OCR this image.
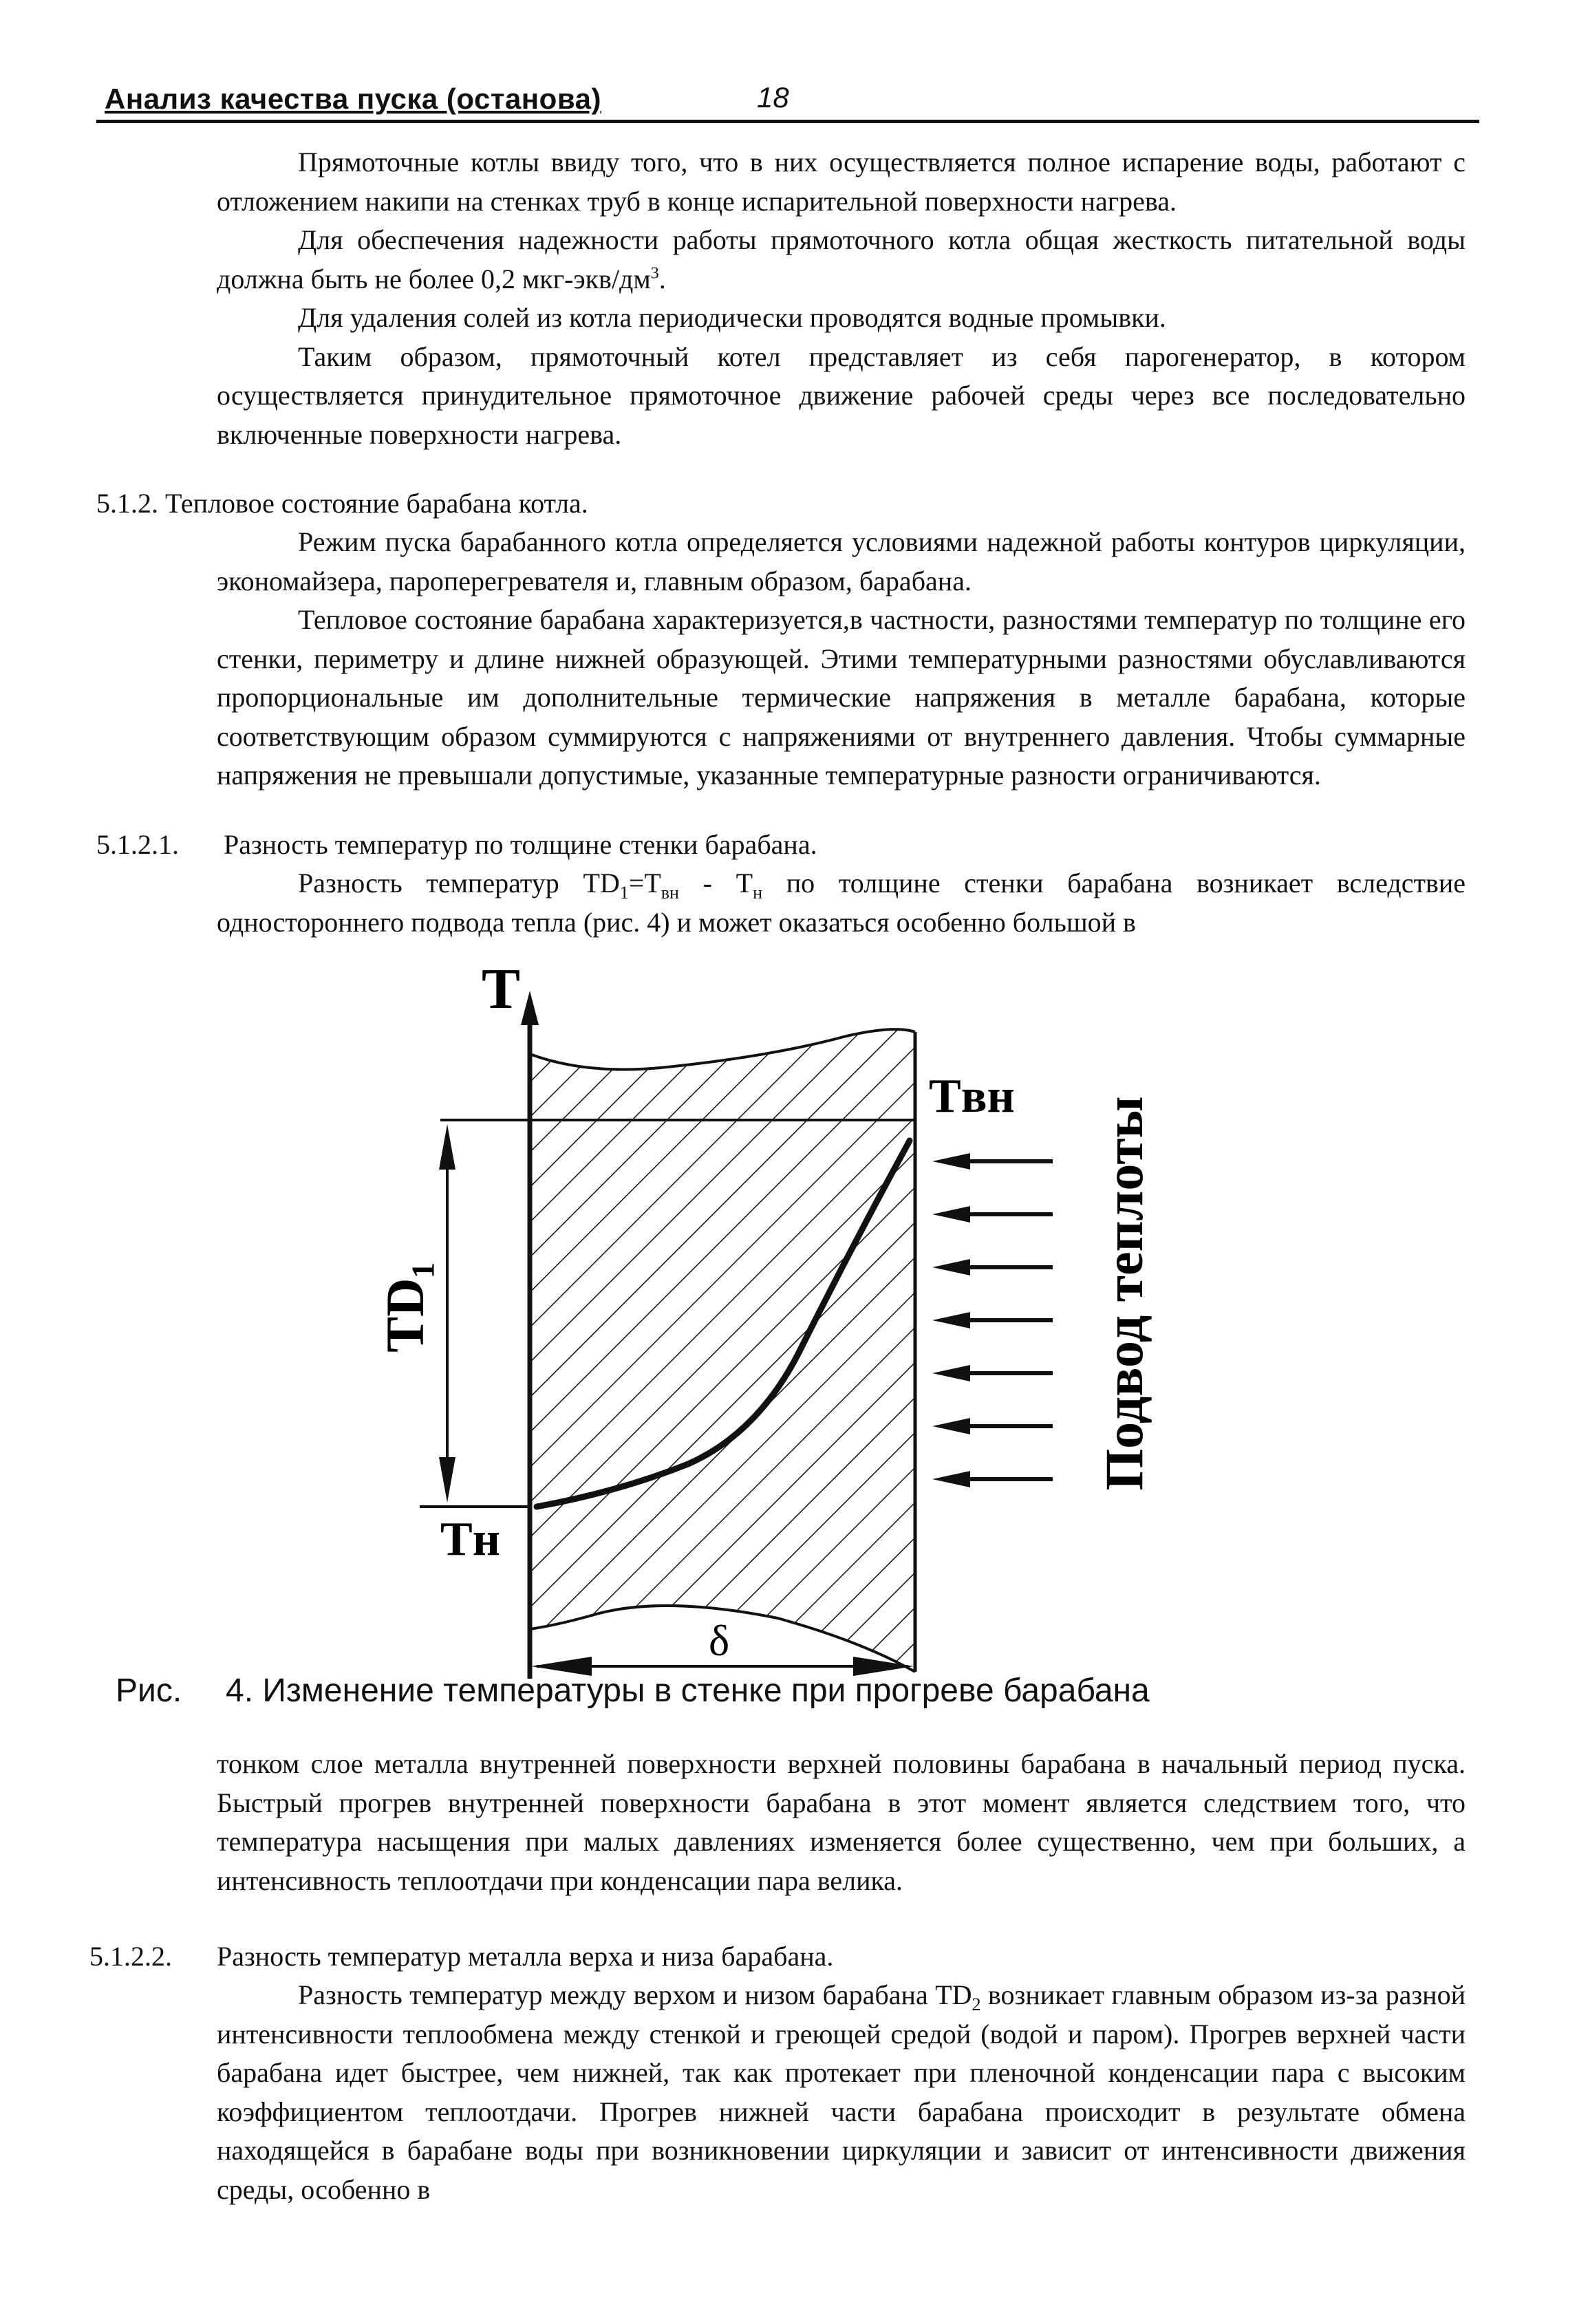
Анализ качества пуска (останова)	18

Прямоточные котлы ввиду того, что в них осуществляется полное испарение воды, работают с отложением накипи на стенках труб в конце испарительной поверхности нагрева.

Для обеспечения надежности работы прямоточного котла общая жесткость питательной воды должна быть не более 0,2 мкг-$экв/дм^3$.

Для удаления солей из котла периодически проводятся водные промывки.

Таким образом, прямоточный котел представляет из себя парогенератор, в котором осуществляется принудительное прямоточное движение рабочей среды через все последовательно включенные поверхности нагрева.

5.1.2. Тепловое состояние барабана котла.

Режим пуска барабанного котла определяется условиями надежной работы контуров циркуляции, экономайзера, пароперегревателя и, главным образом, барабана.

Тепловое состояние барабана характеризуется,в частности, разностями температур по толщине его стенки, периметру и длине нижней образующей. Этими температурными разностями обуславливаются пропорциональные им дополнительные термические напряжения в металле барабана, которые соответствующим образом суммируются с напряжениями от внутреннего давления. Чтобы суммарные напряжения не превышали допустимые, указанные температурные разности ограничиваются.

5.1.2.1. Разность температур по толщине стенки барабана.

Разность температур $TD_1=T_{вн} - T_н$ по толщине стенки барабана возникает вследствие одностороннего подвода тепла (рис. 4) и может оказаться особенно большой в

T
Tвн
Tн
δ
TD₁	Подвод теплоты
Рис. 4. Изменение температуры в стенке при прогреве барабана

тонком слое металла внутренней поверхности верхней половины барабана в начальный период пуска. Быстрый прогрев внутренней поверхности барабана в этот момент является следствием того, что температура насыщения при малых давлениях изменяется более существенно, чем при больших, а интенсивность теплоотдачи при конденсации пара велика.

5.1.2.2. Разность температур металла верха и низа барабана.

Разность температур между верхом и низом барабана $TD_2$ возникает главным образом из-за разной интенсивности теплообмена между стенкой и греющей средой (водой и паром). Прогрев верхней части барабана идет быстрее, чем нижней, так как протекает при пленочной конденсации пара с высоким коэффициентом теплоотдачи. Прогрев нижней части барабана происходит в результате обмена находящейся в барабане воды при возникновении циркуляции и зависит от интенсивности движения среды, особенно в
